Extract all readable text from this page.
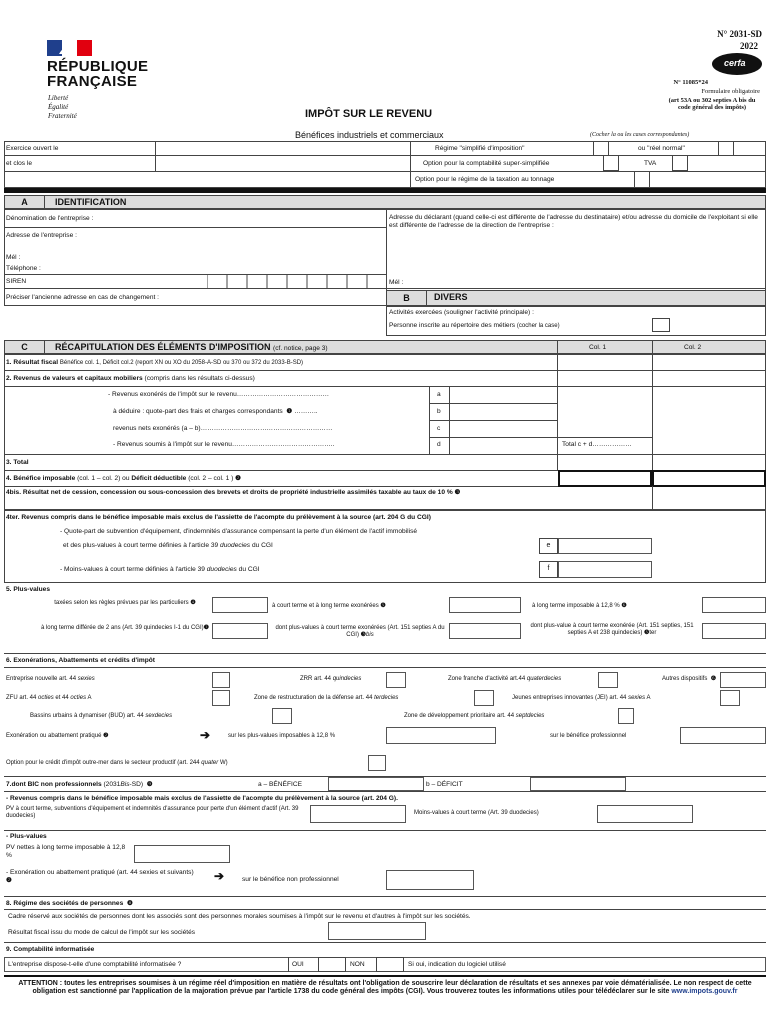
RÉPUBLIQUE
FRANÇAISE
Liberté
Égalité
Fraternité
N° 2031-SD
2022
cerfa
N° 11085*24
Formulaire obligatoire
(art 53A ou 302 septies A bis du code général des impôts)
IMPÔT SUR LE REVENU
Bénéfices industriels et commerciaux	(Cocher la ou les cases correspondantes)
Exercice ouvert le
et clos le
Régime "simplifié d'imposition"	ou "réel normal"
Option pour la comptabilité super-simplifiée	TVA
Option pour le régime de la taxation au tonnage
A	IDENTIFICATION
Dénomination de l'entreprise :
Adresse de l'entreprise :
Mél :
Téléphone :
SIREN
Préciser l'ancienne adresse en cas de changement :
Adresse du déclarant (quand celle-ci est différente de l'adresse du destinataire) et/ou adresse du domicile de l'exploitant si elle est différente de l'adresse de la direction de l'entreprise :
Mél :
B	DIVERS
Activités exercées (souligner l'activité principale) :
Personne inscrite au répertoire des métiers (cocher la case)
C	RÉCAPITULATION DES ÉLÉMENTS D'IMPOSITION (cf. notice, page 3)	Col. 1	Col. 2
1. Résultat fiscal Bénéfice col. 1, Déficit col.2 (report XN ou XO du 2058-A-SD ou 370 ou 372 du 2033-B-SD)
2. Revenus de valeurs et capitaux mobiliers (compris dans les résultats ci-dessus)
- Revenus exonérés de l'impôt sur le revenu……………………………………	a
à déduire : quote-part des frais et charges correspondants ❶ ………..	b
revenus nets exonérés (a – b)……………………………………………………	c
- Revenus soumis à l'impôt sur le revenu………………………………………..	d	Total c + d………………
3. Total
4. Bénéfice imposable (col. 1 – col. 2) ou Déficit déductible (col. 2 – col. 1 ) ❷
4bis. Résultat net de cession, concession ou sous-concession des brevets et droits de propriété industrielle assimilés taxable au taux de 10 % ❸
4ter. Revenus compris dans le bénéfice imposable mais exclus de l'assiette de l'acompte du prélèvement à la source (art. 204 G du CGI)
- Quote-part de subvention d'équipement, d'indemnités d'assurance compensant la perte d'un élément de l'actif immobilisé
et des plus-values à court terme définies à l'article 39 duodecies du CGI	e
- Moins-values à court terme définies à l'article 39 duodecies du CGI	f
5. Plus-values
taxées selon les règles prévues par les particuliers ❹	à court terme et à long terme exonérées ❺	à long terme imposable à 12,8 % ❻
à long terme différée de 2 ans (Art. 39 quindecies I-1 du CGI)❼	dont plus-values à court terme exonérées (Art. 151 septies A du CGI) ❸bis
dont plus-value à court terme exonérée (Art. 151 septies, 151 septies A et 238 quindecies) ❺ter
6. Exonérations, Abattements et crédits d'impôt
Entreprise nouvelle art. 44 sexies	ZRR art. 44 quindecies	Zone franche d'activité art.44 quaterdecies	Autres dispositifs ❻
ZFU art. 44 octies et 44 octies A	Zone de restructuration de la défense art. 44 terdecies	Jeunes entreprises innovantes (JEI) art. 44 sexies A
Bassins urbains à dynamiser (BUD) art. 44 sexdecies	Zone de développement prioritaire art. 44 septdecies
Exonération ou abattement pratiqué ❷	➔	sur les plus-values imposables à 12,8 %	sur le bénéfice professionnel
Option pour le crédit d'impôt outre-mer dans le secteur productif (art. 244 quater W)
7.dont BIC non professionnels (2031Bis-SD) ❾	a – BÉNÉFICE	b – DÉFICIT
- Revenus compris dans le bénéfice imposable mais exclus de l'assiette de l'acompte du prélèvement à la source (art. 204 G).
PV à court terme, subventions d'équipement et indemnités d'assurance pour perte d'un élément d'actif (Art. 39 duodecies)	Moins-values à court terme (Art. 39 duodecies)
- Plus-values
PV nettes à long terme imposable à 12,8 %
- Exonération ou abattement pratiqué (art. 44 sexies et suivants) ❷	➔	sur le bénéfice non professionnel
8. Régime des sociétés de personnes ❽
Cadre réservé aux sociétés de personnes dont les associés sont des personnes morales soumises à l'impôt sur le revenu et d'autres à l'impôt sur les sociétés.
Résultat fiscal issu du mode de calcul de l'impôt sur les sociétés
9. Comptabilité informatisée
L'entreprise dispose-t-elle d'une comptabilité informatisée ?	OUI	NON	Si oui, indication du logiciel utilisé
ATTENTION : toutes les entreprises soumises à un régime réel d'imposition en matière de résultats ont l'obligation de souscrire leur déclaration de résultats et ses annexes par voie dématérialisée. Le non respect de cette obligation est sanctionné par l'application de la majoration prévue par l'article 1738 du code général des impôts (CGI). Vous trouverez toutes les informations utiles pour télédéclarer sur le site www.impots.gouv.fr
